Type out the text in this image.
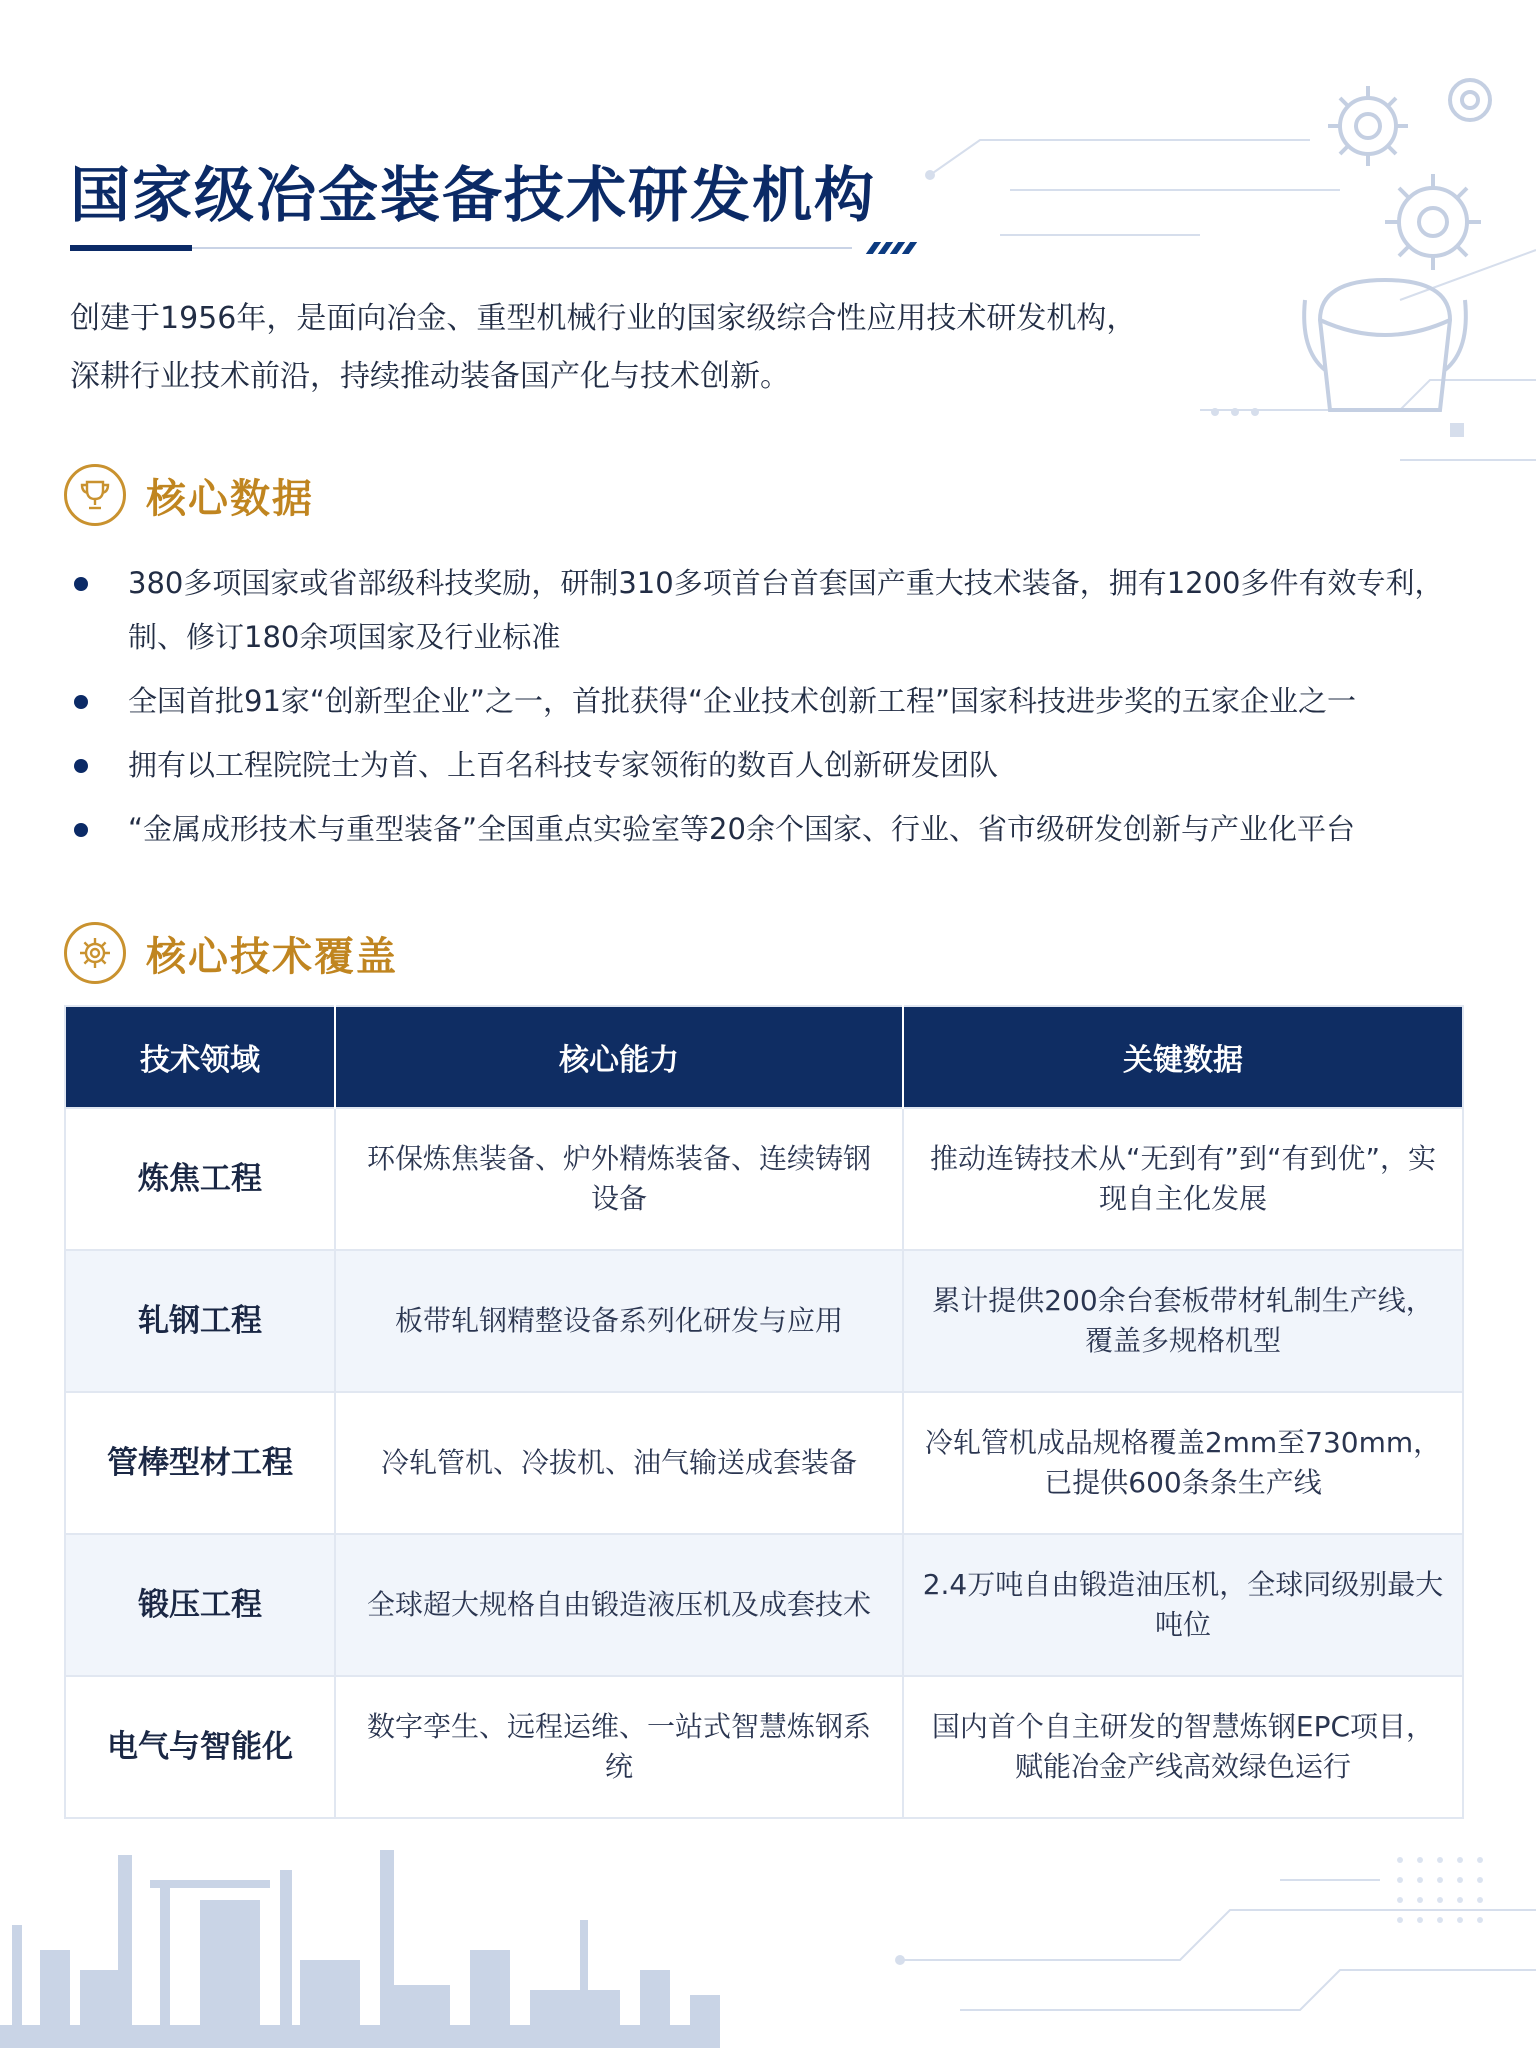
国家级冶金装备技术研发机构

创建于1956年，是面向冶金、重型机械行业的国家级综合性应用技术研发机构，

深耕行业技术前沿，持续推动装备国产化与技术创新。

核心数据
380多项国家或省部级科技奖励，研制310多项首台首套国产重大技术装备，拥有1200多件有效专利，制、修订180余项国家及行业标准
全国首批91家“创新型企业”之一，首批获得“企业技术创新工程”国家科技进步奖的五家企业之一
拥有以工程院院士为首、上百名科技专家领衔的数百人创新研发团队
“金属成形技术与重型装备”全国重点实验室等20余个国家、行业、省市级研发创新与产业化平台
核心技术覆盖
技术领域	核心能力	关键数据
炼焦工程	环保炼焦装备、炉外精炼装备、连续铸钢设备	推动连铸技术从“无到有”到“有到优”，实现自主化发展
轧钢工程	板带轧钢精整设备系列化研发与应用	累计提供200余台套板带材轧制生产线，覆盖多规格机型
管棒型材工程	冷轧管机、冷拔机、油气输送成套装备	冷轧管机成品规格覆盖2mm至730mm，已提供600条条生产线
锻压工程	全球超大规格自由锻造液压机及成套技术	2.4万吨自由锻造油压机，全球同级别最大吨位
电气与智能化	数字孪生、远程运维、一站式智慧炼钢系统	国内首个自主研发的智慧炼钢EPC项目，赋能冶金产线高效绿色运行
